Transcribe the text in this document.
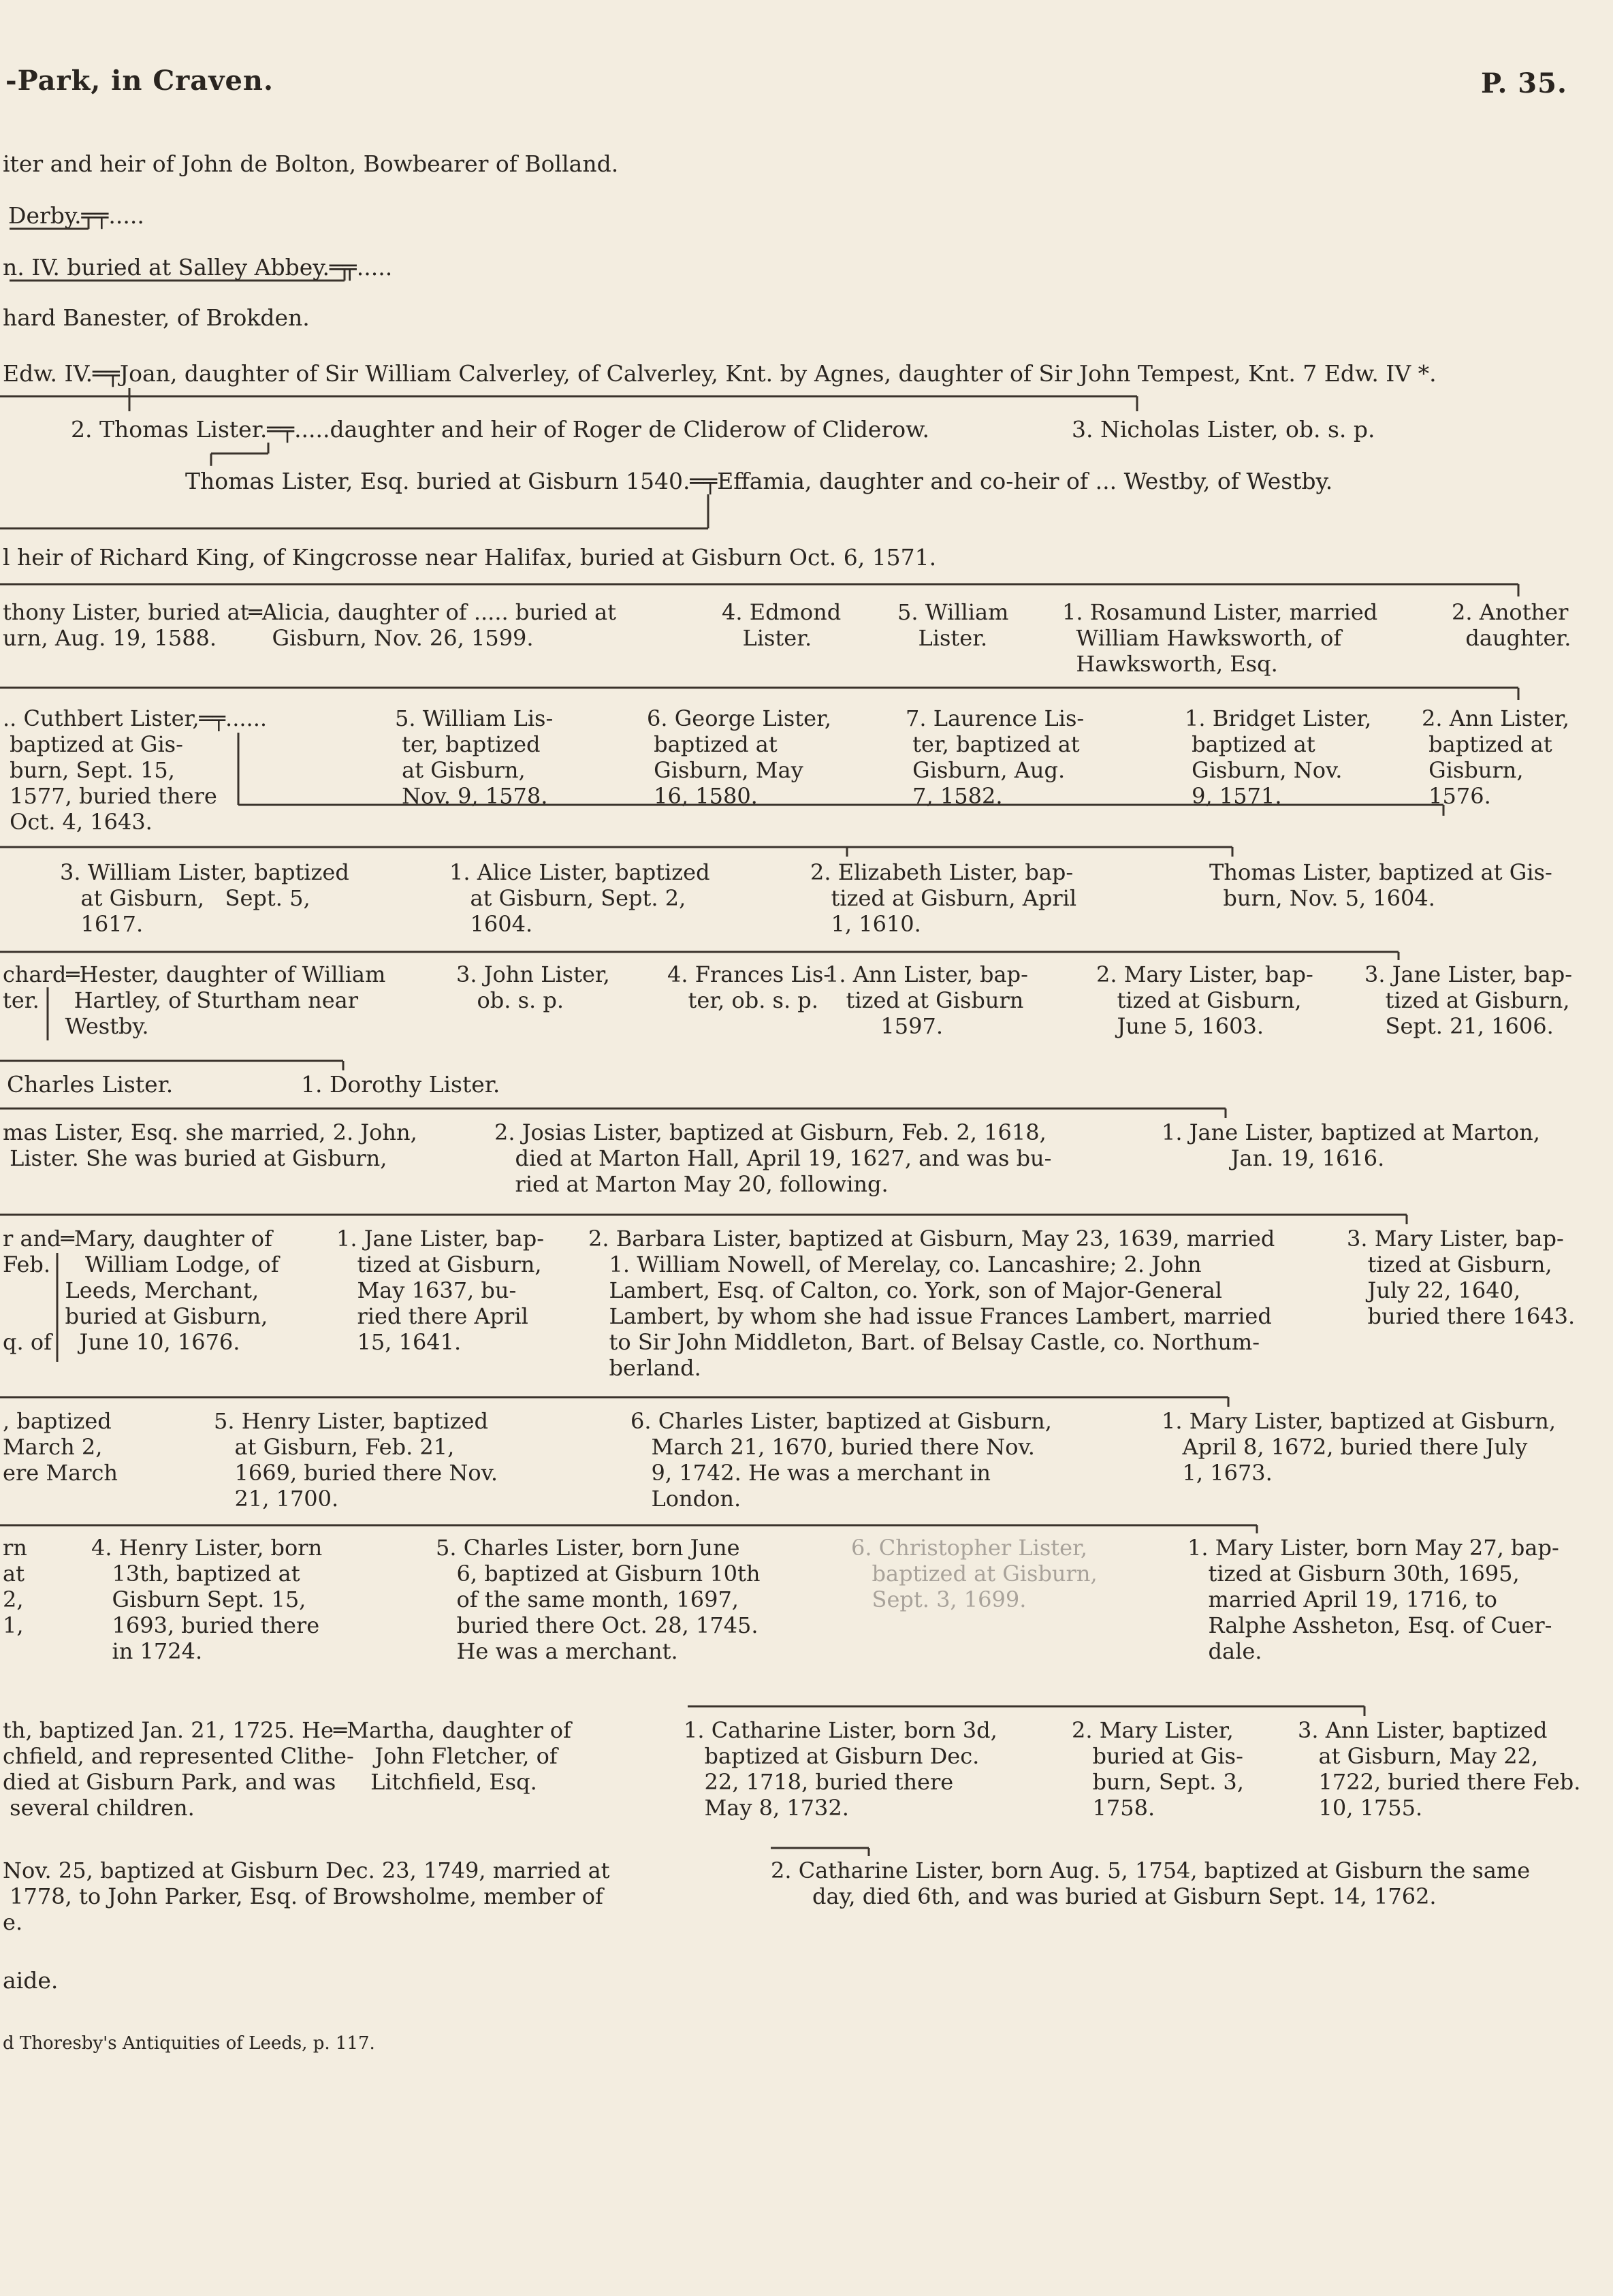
-Park, in Craven.	P. 35.
iter and heir of John de Bolton, Bowbearer of Bolland.
Derby.═╤.....
n. IV. buried at Salley Abbey.═╤.....
hard Banester, of Brokden.
Edw. IV.═╤Joan, daughter of Sir William Calverley, of Calverley, Knt. by Agnes, daughter of Sir John Tempest, Knt. 7 Edw. IV *.
2. Thomas Lister.═╤.....daughter and heir of Roger de Cliderow of Cliderow.	3. Nicholas Lister, ob. s. p.
Thomas Lister, Esq. buried at Gisburn 1540.═╤Effamia, daughter and co-heir of ... Westby, of Westby.
l heir of Richard King, of Kingcrosse near Halifax, buried at Gisburn Oct. 6, 1571.
thony Lister, buried at═Alicia, daughter of ..... buried at
urn, Aug. 19, 1588.        Gisburn, Nov. 26, 1599.
4. Edmond
Lister.
5. William
Lister.
1. Rosamund Lister, married
William Hawksworth, of
Hawksworth, Esq.
2. Another
daughter.
.. Cuthbert Lister,═╤......
baptized at Gis-
burn, Sept. 15,
1577, buried there
Oct. 4, 1643.
5. William Lis-
ter, baptized
at Gisburn,
Nov. 9, 1578.
6. George Lister,
baptized at
Gisburn, May
16, 1580.
7. Laurence Lis-
ter, baptized at
Gisburn, Aug.
7, 1582.
1. Bridget Lister,
baptized at
Gisburn, Nov.
9, 1571.
2. Ann Lister,
baptized at
Gisburn,
1576.
3. William Lister, baptized
at Gisburn,   Sept. 5,
1617.
1. Alice Lister, baptized
at Gisburn, Sept. 2,
1604.
2. Elizabeth Lister, bap-
tized at Gisburn, April
1, 1610.
Thomas Lister, baptized at Gis-
burn, Nov. 5, 1604.
chard═Hester, daughter of William
ter.     Hartley, of Sturtham near
Westby.
3. John Lister,
ob. s. p.
4. Frances Lis-
ter, ob. s. p.
1. Ann Lister, bap-
tized at Gisburn
1597.
2. Mary Lister, bap-
tized at Gisburn,
June 5, 1603.
3. Jane Lister, bap-
tized at Gisburn,
Sept. 21, 1606.
Charles Lister.	1. Dorothy Lister.
mas Lister, Esq. she married, 2. John,
Lister. She was buried at Gisburn,
2. Josias Lister, baptized at Gisburn, Feb. 2, 1618,
died at Marton Hall, April 19, 1627, and was bu-
ried at Marton May 20, following.
1. Jane Lister, baptized at Marton,
Jan. 19, 1616.
r and═Mary, daughter of
Feb.     William Lodge, of
Leeds, Merchant,
buried at Gisburn,
q. of    June 10, 1676.
1. Jane Lister, bap-
tized at Gisburn,
May 1637, bu-
ried there April
15, 1641.
2. Barbara Lister, baptized at Gisburn, May 23, 1639, married
1. William Nowell, of Merelay, co. Lancashire; 2. John
Lambert, Esq. of Calton, co. York, son of Major-General
Lambert, by whom she had issue Frances Lambert, married
to Sir John Middleton, Bart. of Belsay Castle, co. Northum-
berland.
3. Mary Lister, bap-
tized at Gisburn,
July 22, 1640,
buried there 1643.
, baptized
March 2,
ere March
5. Henry Lister, baptized
at Gisburn, Feb. 21,
1669, buried there Nov.
21, 1700.
6. Charles Lister, baptized at Gisburn,
March 21, 1670, buried there Nov.
9, 1742. He was a merchant in
London.
1. Mary Lister, baptized at Gisburn,
April 8, 1672, buried there July
1, 1673.
rn
at
2,
1,
4. Henry Lister, born
13th, baptized at
Gisburn Sept. 15,
1693, buried there
in 1724.
5. Charles Lister, born June
6, baptized at Gisburn 10th
of the same month, 1697,
buried there Oct. 28, 1745.
He was a merchant.
6. Christopher Lister,
baptized at Gisburn,
Sept. 3, 1699.
1. Mary Lister, born May 27, bap-
tized at Gisburn 30th, 1695,
married April 19, 1716, to
Ralphe Assheton, Esq. of Cuer-
dale.
th, baptized Jan. 21, 1725. He═Martha, daughter of
chfield, and represented Clithe-   John Fletcher, of
died at Gisburn Park, and was     Litchfield, Esq.
several children.
1. Catharine Lister, born 3d,
baptized at Gisburn Dec.
22, 1718, buried there
May 8, 1732.
2. Mary Lister,
buried at Gis-
burn, Sept. 3,
1758.
3. Ann Lister, baptized
at Gisburn, May 22,
1722, buried there Feb.
10, 1755.
Nov. 25, baptized at Gisburn Dec. 23, 1749, married at
1778, to John Parker, Esq. of Browsholme, member of
e.
2. Catharine Lister, born Aug. 5, 1754, baptized at Gisburn the same
day, died 6th, and was buried at Gisburn Sept. 14, 1762.
aide.
d Thoresby's Antiquities of Leeds, p. 117.
